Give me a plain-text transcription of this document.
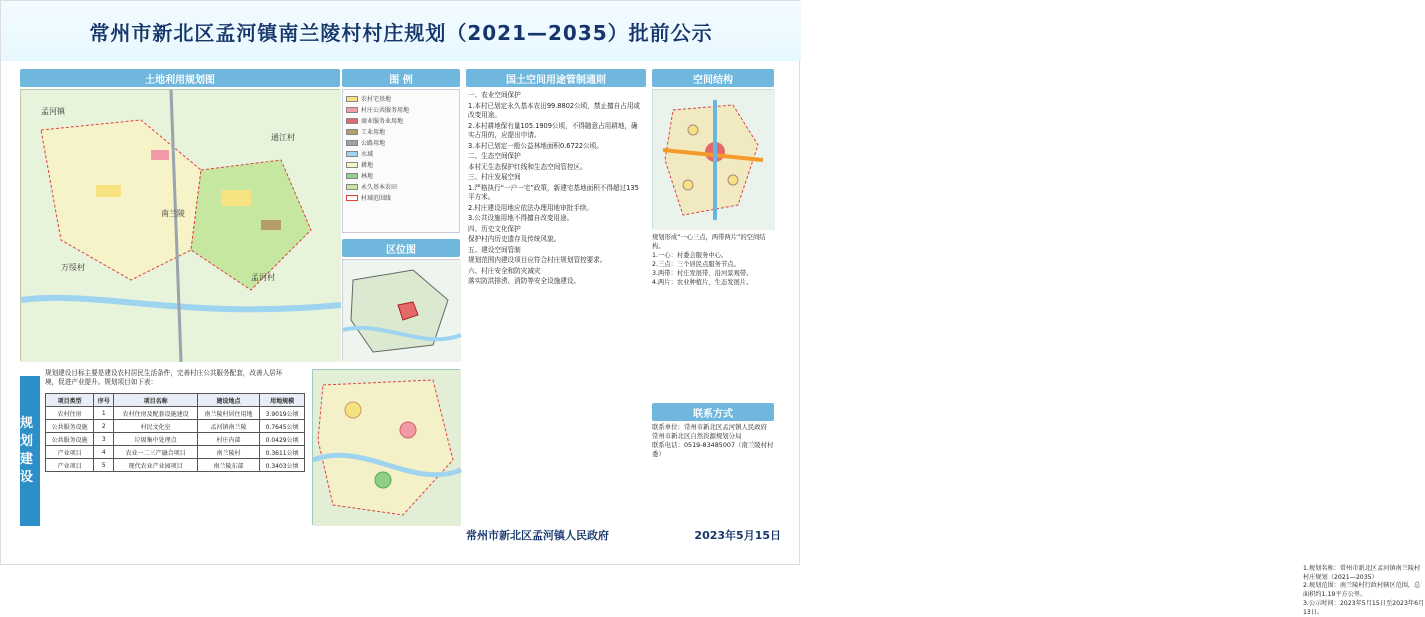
常州市新北区孟河镇南兰陵村村庄规划（2021—2035）批前公示
土地利用规划图	图 例
区位图
国土空间用途管制通则	空间结构
联系方式
孟河镇
南兰陵
万绥村
通江村
孟河村
农村宅基地
村庄公共服务用地
商业服务业用地
工业用地
公路用地
水域
耕地
林地
永久基本农田
村域范围线

一、农业空间保护

1.本村已划定永久基本农田99.8802公顷，禁止擅自占用或改变用途。

2.本村耕地保有量105.1909公顷，不得随意占用耕地，确实占用的，应提出申请。

3.本村已划定一般公益林地面积0.6722公顷。

二、生态空间保护

本村无生态保护红线和生态空间管控区。

三、村庄发展空间

1.严格执行“一户一宅”政策，新建宅基地面积不得超过135平方米。

2.村庄建设用地应依法办理用地审批手续。

3.公共设施用地不得擅自改变用途。

四、历史文化保护

保护村内历史遗存及传统风貌。

五、建设空间管制

规划范围内建设项目应符合村庄规划管控要求。

六、村庄安全和防灾减灾

落实防洪排涝、消防等安全设施建设。

规划形成“一心三点，两带两片”的空间结构。

1.一心：村委会服务中心。

2.三点：三个居民点服务节点。

3.两带：村庄发展带、沿河景观带。

4.两片：农业种植片、生态发展片。

1.规划名称：常州市新北区孟河镇南兰陵村村庄规划（2021—2035）

2.规划范围：南兰陵村行政村辖区范围，总面积约1.19平方公里。

3.公示时间：2023年5月15日至2023年6月13日。

联系单位：常州市新北区孟河镇人民政府

常州市新北区自然资源规划分局

联系电话：0519-83485007（南兰陵村村委）

规划建设
规划建设目标主要是建设农村居民生活条件，完善村庄公共服务配套，改善人居环境，促进产业提升。规划项目如下表：
项目类型	序号	项目名称	建设地点	用地规模
农村住房	1	农村住房及配套设施建设	南兰陵村居住用地	3.9019公顷
公共服务设施	2	村民文化室	孟河镇南兰陵	0.7645公顷
公共服务设施	3	垃圾集中处理点	村庄内部	0.0429公顷
产业项目	4	农业一二三产融合项目	南兰陵村	0.3611公顷
产业项目	5	现代农业产业园项目	南兰陵东部	0.3403公顷
常州市新北区孟河镇人民政府	2023年5月15日
